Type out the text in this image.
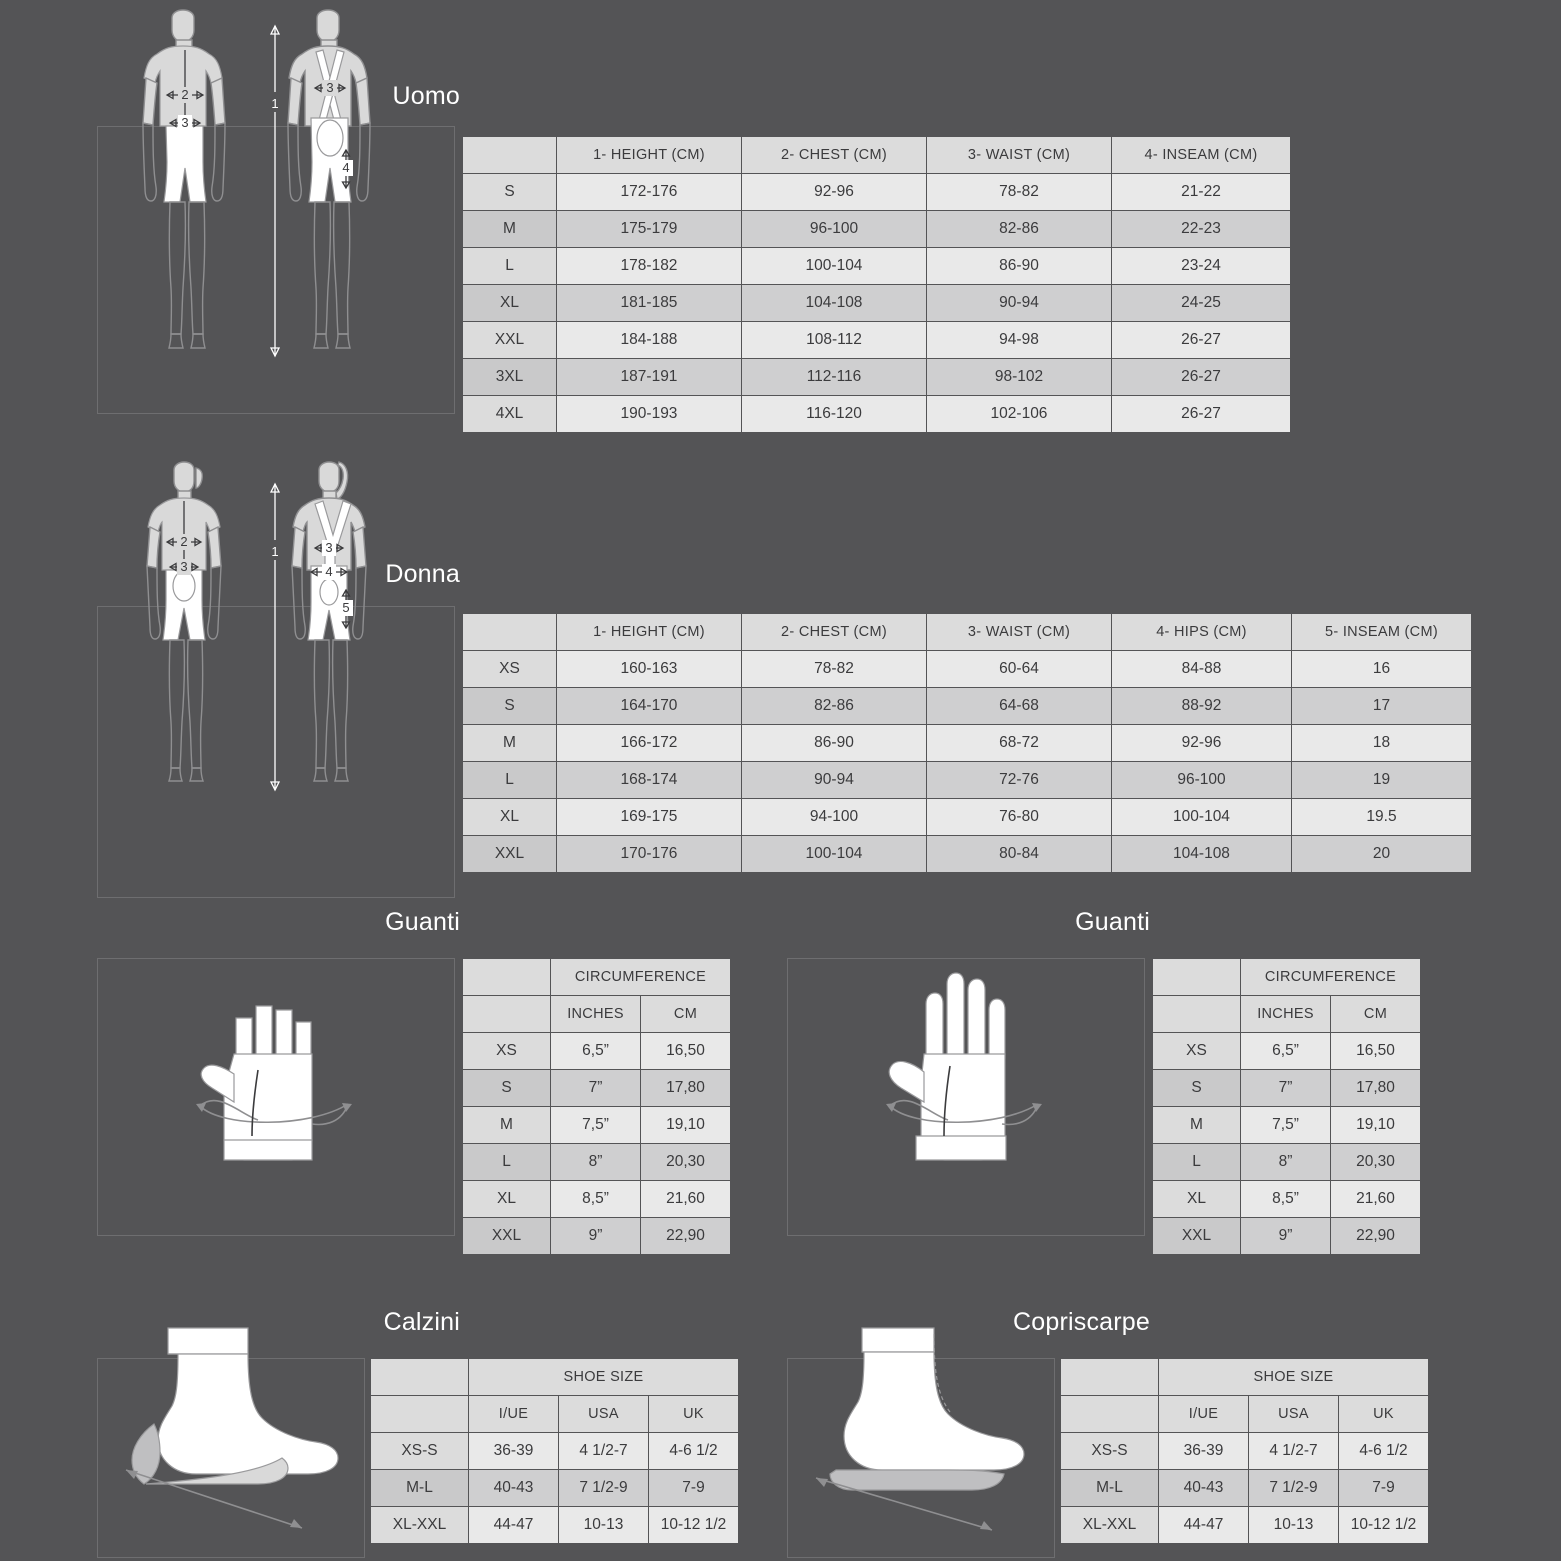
2
3
1
3
4
Uomo
	1- HEIGHT (CM)	2- CHEST (CM)	3- WAIST (CM)	4- INSEAM (CM)
S	172-176	92-96	78-82	21-22
M	175-179	96-100	82-86	22-23
L	178-182	100-104	86-90	23-24
XL	181-185	104-108	90-94	24-25
XXL	184-188	108-112	94-98	26-27
3XL	187-191	112-116	98-102	26-27
4XL	190-193	116-120	102-106	26-27
2
3
1	3
4
5
Donna
	1- HEIGHT (CM)	2- CHEST (CM)	3- WAIST (CM)	4- HIPS (CM)	5- INSEAM (CM)
XS	160-163	78-82	60-64	84-88	16
S	164-170	82-86	64-68	88-92	17
M	166-172	86-90	68-72	92-96	18
L	168-174	90-94	72-76	96-100	19
XL	169-175	94-100	76-80	100-104	19.5
XXL	170-176	100-104	80-84	104-108	20
Guanti
	CIRCUMFERENCE	
	INCHES	CM
XS	6,5”	16,50
S	7”	17,80
M	7,5”	19,10
L	8”	20,30
XL	8,5”	21,60
XXL	9”	22,90
Guanti
	CIRCUMFERENCE	
	INCHES	CM
XS	6,5”	16,50
S	7”	17,80
M	7,5”	19,10
L	8”	20,30
XL	8,5”	21,60
XXL	9”	22,90
Calzini
	SHOE SIZE		
	I/UE	USA	UK
XS-S	36-39	4 1/2-7	4-6 1/2
M-L	40-43	7 1/2-9	7-9
XL-XXL	44-47	10-13	10-12 1/2
Copriscarpe
	SHOE SIZE		
	I/UE	USA	UK
XS-S	36-39	4 1/2-7	4-6 1/2
M-L	40-43	7 1/2-9	7-9
XL-XXL	44-47	10-13	10-12 1/2
